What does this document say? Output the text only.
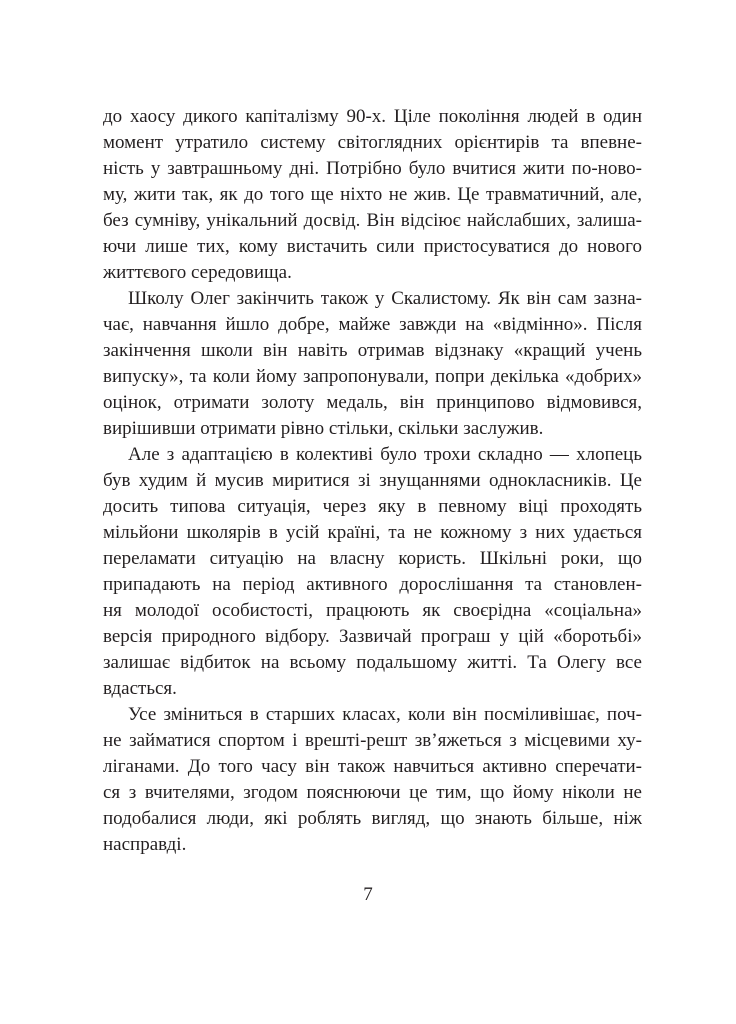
до хаосу дикого капіталізму 90-х. Ціле покоління людей в один
момент утратило систему світоглядних орієнтирів та впевне-
ність у завтрашньому дні. Потрібно було вчитися жити по-ново-
му, жити так, як до того ще ніхто не жив. Це травматичний, але,
без сумніву, унікальний досвід. Він відсіює найслабших, залиша-
ючи лише тих, кому вистачить сили пристосуватися до нового
життєвого середовища.
Школу Олег закінчить також у Скалистому. Як він сам зазна-
чає, навчання йшло добре, майже завжди на «відмінно». Після
закінчення школи він навіть отримав відзнаку «кращий учень
випуску», та коли йому запропонували, попри декілька «добрих»
оцінок, отримати золоту медаль, він принципово відмовився,
вирішивши отримати рівно стільки, скільки заслужив.
Але з адаптацією в колективі було трохи складно — хлопець
був худим й мусив миритися зі знущаннями однокласників. Це
досить типова ситуація, через яку в певному віці проходять
мільйони школярів в усій країні, та не кожному з них удається
переламати ситуацію на власну користь. Шкільні роки, що
припадають на період активного дорослішання та становлен-
ня молодої особистості, працюють як своєрідна «соціальна»
версія природного відбору. Зазвичай програш у цій «боротьбі»
залишає відбиток на всьому подальшому житті. Та Олегу все
вдасться.
Усе зміниться в старших класах, коли він посміливішає, поч-
не займатися спортом і врешті-решт зв’яжеться з місцевими ху-
ліганами. До того часу він також навчиться активно сперечати-
ся з вчителями, згодом пояснюючи це тим, що йому ніколи не
подобалися люди, які роблять вигляд, що знають більше, ніж
насправді.
7
